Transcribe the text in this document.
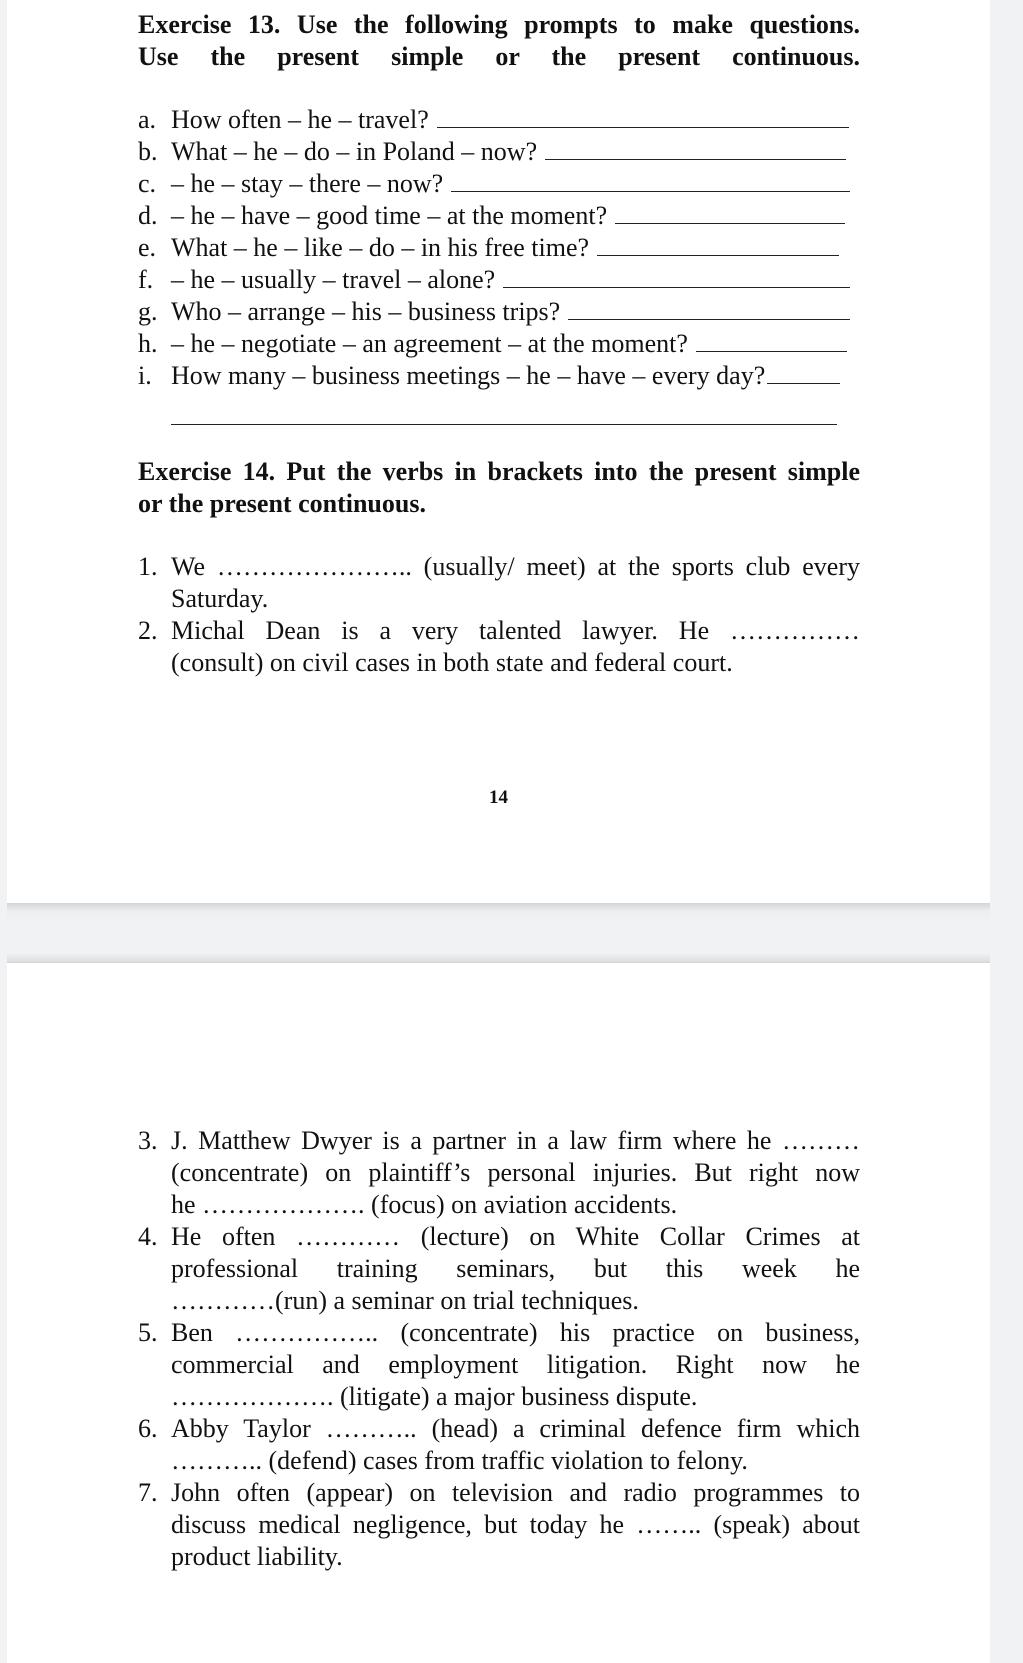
Exercise 13. Use the following prompts to make questions.
Use the present simple or the present continuous.
a. How often – he – travel?
b. What – he – do – in Poland – now?
c. – he – stay – there – now?
d. – he – have – good time – at the moment?
e. What – he – like – do – in his free time?
f. – he – usually – travel – alone?
g. Who – arrange – his – business trips?
h. – he – negotiate – an agreement – at the moment?
i. How many – business meetings – he – have – every day?
Exercise 14. Put the verbs in brackets into the present simple
or the present continuous.
1. We ………………….. (usually/ meet) at the sports club every
Saturday.
2. Michal Dean is a very talented lawyer. He ……………
(consult) on civil cases in both state and federal court.
14
3. J. Matthew Dwyer is a partner in a law firm where he ………
(concentrate) on plaintiff’s personal injuries. But right now
he ………………. (focus) on aviation accidents.
4. He often ………… (lecture) on White Collar Crimes at
professional training seminars, but this week he
…………(run) a seminar on trial techniques.
5. Ben …………….. (concentrate) his practice on business,
commercial and employment litigation. Right now he
………………. (litigate) a major business dispute.
6. Abby Taylor ……….. (head) a criminal defence firm which
……….. (defend) cases from traffic violation to felony.
7. John often (appear) on television and radio programmes to
discuss medical negligence, but today he …….. (speak) about
product liability.
